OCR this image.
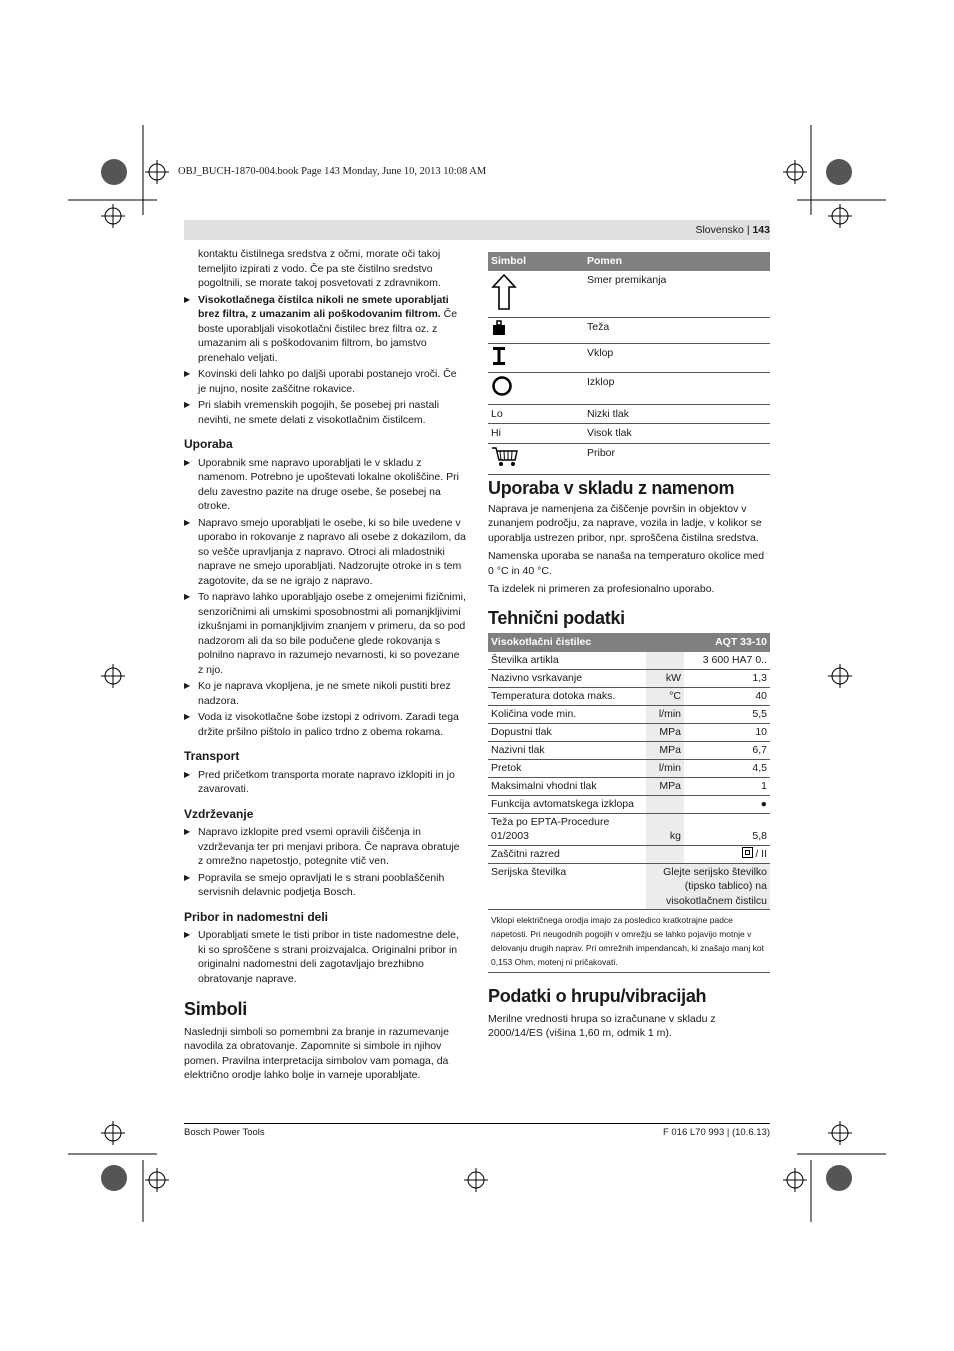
OBJ_BUCH-1870-004.book Page 143 Monday, June 10, 2013 10:08 AM
Slovensko | 143

kontaktu čistilnega sredstva z očmi, morate oči takoj temeljito izpirati z vodo. Če pa ste čistilno sredstvo pogoltnili, se morate takoj posvetovati z zdravnikom.

▶ Visokotlačnega čistilca nikoli ne smete uporabljati brez filtra, z umazanim ali poškodovanim filtrom. Če boste uporabljali visokotlačni čistilec brez filtra oz. z umazanim ali s poškodovanim filtrom, bo jamstvo prenehalo veljati.

▶ Kovinski deli lahko po daljši uporabi postanejo vroči. Če je nujno, nosite zaščitne rokavice.

▶ Pri slabih vremenskih pogojih, še posebej pri nastali nevihti, ne smete delati z visokotlačnim čistilcem.

Uporaba

▶ Uporabnik sme napravo uporabljati le v skladu z namenom. Potrebno je upoštevati lokalne okoliščine. Pri delu zavestno pazite na druge osebe, še posebej na otroke.

▶ Napravo smejo uporabljati le osebe, ki so bile uvedene v uporabo in rokovanje z napravo ali osebe z dokazilom, da so vešče upravljanja z napravo. Otroci ali mladostniki naprave ne smejo uporabljati. Nadzorujte otroke in s tem zagotovite, da se ne igrajo z napravo.

▶ To napravo lahko uporabljajo osebe z omejenimi fizičnimi, senzoričnimi ali umskimi sposobnostmi ali pomanjkljivimi izkušnjami in pomanjkljivim znanjem v primeru, da so pod nadzorom ali da so bile podučene glede rokovanja s polnilno napravo in razumejo nevarnosti, ki so povezane z njo.

▶ Ko je naprava vkopljena, je ne smete nikoli pustiti brez nadzora.

▶ Voda iz visokotlačne šobe izstopi z odrivom. Zaradi tega držite pršilno pištolo in palico trdno z obema rokama.

Transport

▶ Pred pričetkom transporta morate napravo izklopiti in jo zavarovati.

Vzdrževanje

▶ Napravo izklopite pred vsemi opravili čiščenja in vzdrževanja ter pri menjavi pribora. Če naprava obratuje z omrežno napetostjo, potegnite vtič ven.

▶ Popravila se smejo opravljati le s strani pooblaščenih servisnih delavnic podjetja Bosch.

Pribor in nadomestni deli

▶ Uporabljati smete le tisti pribor in tiste nadomestne dele, ki so sproščene s strani proizvajalca. Originalni pribor in originalni nadomestni deli zagotavljajo brezhibno obratovanje naprave.

Simboli

Naslednji simboli so pomembni za branje in razumevanje navodila za obratovanje. Zapomnite si simbole in njihov pomen. Pravilna interpretacija simbolov vam pomaga, da električno orodje lahko bolje in varneje uporabljate.

Simbol	Pomen
	Smer premikanja
	Teža
	Vklop
	Izklop
Lo	Nizki tlak
Hi	Visok tlak
	Pribor
Uporaba v skladu z namenom

Naprava je namenjena za čiščenje površin in objektov v zunanjem področju, za naprave, vozila in ladje, v kolikor se uporablja ustrezen pribor, npr. sproščena čistilna sredstva.

Namenska uporaba se nanaša na temperaturo okolice med 0 °C in 40 °C.

Ta izdelek ni primeren za profesionalno uporabo.

Tehnični podatki
Visokotlačni čistilec		AQT 33-10
Številka artikla		3 600 HA7 0..
Nazivno vsrkavanje	kW	1,3
Temperatura dotoka maks.	°C	40
Količina vode min.	l/min	5,5
Dopustni tlak	MPa	10
Nazivni tlak	MPa	6,7
Pretok	l/min	4,5
Maksimalni vhodni tlak	MPa	1
Funkcija avtomatskega izklopa		●
Teža po EPTA-Procedure 01/2003	kg	5,8
Zaščitni razred		/ II
Serijska številka	Glejte serijsko številko (tipsko tablico) na visokotlačnem čistilcu	
Vklopi električnega orodja imajo za posledico kratkotrajne padce napetosti. Pri neugodnih pogojih v omrežju se lahko pojavijo motnje v delovanju drugih naprav. Pri omrežnih impendancah, ki znašajo manj kot 0,153 Ohm, motenj ni pričakovati.		
Podatki o hrupu/vibracijah

Merilne vrednosti hrupa so izračunane v skladu z 2000/14/ES (višina 1,60 m, odmik 1 m).

Bosch Power Tools	F 016 L70 993 | (10.6.13)
